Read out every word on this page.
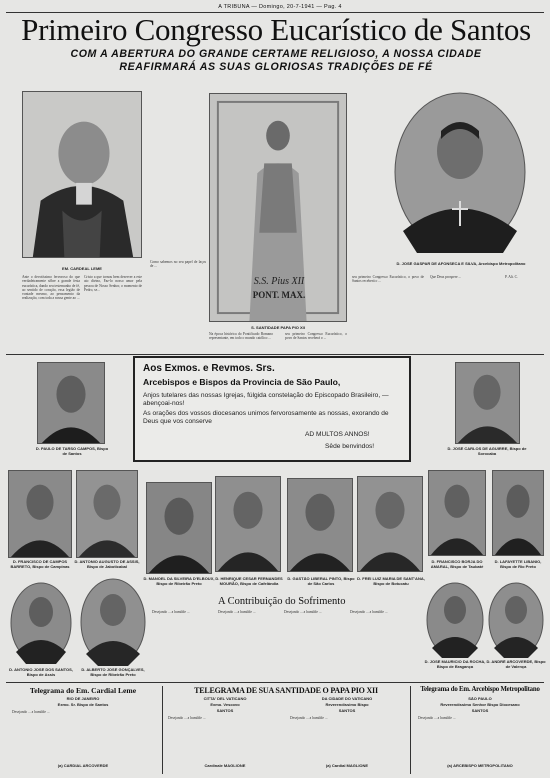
A TRIBUNA — Domingo, 20-7-1941 — Pag. 4
Primeiro Congresso Eucarístico de Santos
COM A ABERTURA DO GRANDE CERTAME RELIGIOSO, A NOSSA CIDADE
REAFIRMARÁ AS SUAS GLORIOSAS TRADIÇÕES DE FÉ
EM. CARDEAL LEME
S.S. Pius XII
PONT. MAX.
S. SANTIDADE PAPA PIO XII
D. JOSÉ GASPAR DE AFONSECA E SILVA, Arcebispo Metropolitano
Ante o devotíssimo fervoroso do que verdadeiramente sôbre a grande festa eucarística, dando seu testemunho de fé, ao sentido de coração, essa legião de vontade mesmo, ao pensamento da realização, com toda a nossa gente ao ...
Cristo a que tornou bem deserver a este ato divino, Faz-lo nosso amor pela pessoa de Nosso Senhor, o momento de Pedro, se...
Como sabemos no seu papel de laços de ...
Na época histórica do Pontificado Romano representante, em todo o mundo católico ...
seu primeiro Congresso Eucarístico, o povo de Santos receberá o ...
seu primeiro Congresso Eucarístico, o povo de Santos receberá o ...
Que Deus prospere ...	P. Alt. C.
D. PAULO DE TARSO CAMPOS, Bispo de Santos
Aos Exmos. e Revmos. Srs.
Arcebispos e Bispos da Provincia de São Paulo,
Anjos tutelares das nossas Igrejas, fúlgida constelação do Episcopado Brasileiro, — abençoai-nos!
As orações dos vossos diocesanos unimos fervorosamente as nossas, exorando de Deus que vos conserve
AD MULTOS ANNOS!
Sêde benvindos!	D. JOSÉ CARLOS DE AGUIRRE, Bispo de Sorocaba
D. FRANCISCO DE CAMPOS BARRETO, Bispo de Campinas
D. ANTONIO AUGUSTO DE ASSIS, Bispo de Jaboticabal
D. MANOEL DA SILVEIRA D'ELBOUX, Bispo de Ribeirão Preto
D. HENRIQUE CESAR FERNANDES MOURÃO, Bispo de Cafelândia
D. GASTÃO LIBERAL PINTO, Bispo de São Carlos
D. FREI LUIZ MARIA DE SANT'ANA, Bispo de Botucatu
D. FRANCISCO BORJA DO AMARAL, Bispo de Taubaté
D. LAFAYETTE LIBANIO, Bispo de Rio Preto
D. ANTONIO JOSÉ DOS SANTOS, Bispo de Assis
D. ALBERTO JOSÉ GONÇALVES, Bispo de Ribeirão Preto
A Contribuição do Sofrimento
Desejando ... a humilde ...	Desejando ... a humilde ...	Desejando ... a humilde ...	Desejando ... a humilde ...
D. JOSÉ MAURICIO DA ROCHA, Bispo de Bragança
D. ANDRÉ ARCOVERDE, Bispo de Valença
Telegrama do Em. Cardial Leme
RIO DE JANEIRO
Exmo. Sr. Bispo de Santos
Desejando ... a humilde ...
(a) CARDIAL ARCOVERDE
TELEGRAMA DE SUA SANTIDADE O PAPA PIO XII
CITTA' DEL VATICANO	DA CIDADE DO VATICANO
Exmo. Vescovo	Reverendíssimo Bispo
SANTOS	SANTOS
Desejando ... a humilde ...	Desejando ... a humilde ...
Cardinale MAGLIONE	(a) Cardial MAGLIONE
Telegrama do Em. Arcebispo Metropolitano
SÃO PAULO
Reverendíssimo Senhor Bispo Diocesano
SANTOS
Desejando ... a humilde ...
(a) ARCEBISPO METROPOLITANO
